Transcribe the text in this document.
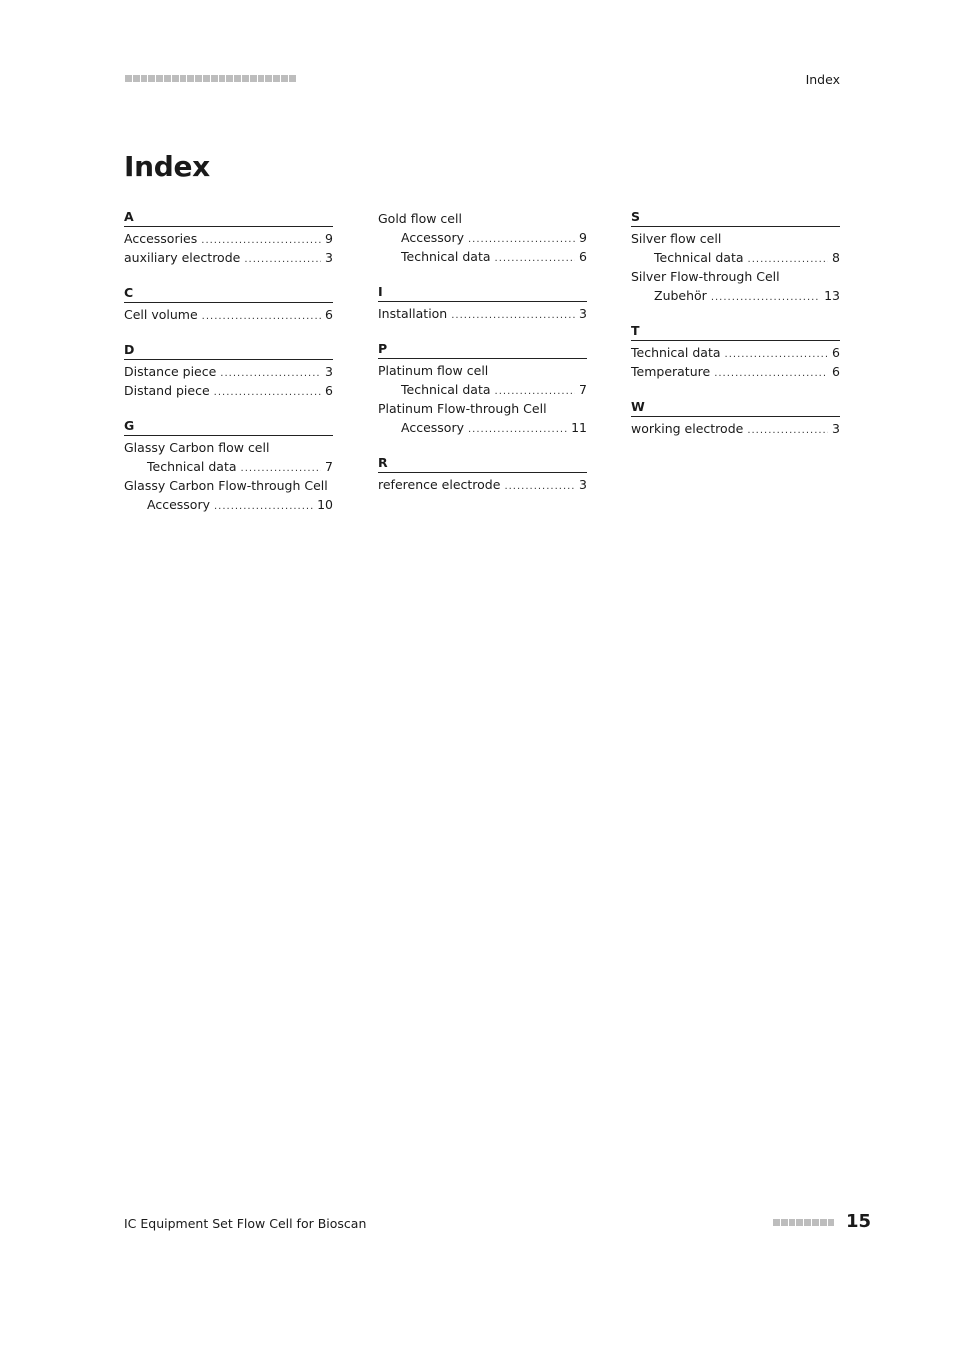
Index
Index
A
Accessories .....	9
auxiliary electrode .....	3
C
Cell volume .....	6
D
Distance piece .....	3
Distand piece .....	6
G
Glassy Carbon flow cell
Technical data .....	7
Glassy Carbon Flow-through Cell
Accessory .....	10
Gold flow cell
Accessory .....	9
Technical data .....	6
I
Installation .....	3
P
Platinum flow cell
Technical data .....	7
Platinum Flow-through Cell
Accessory .....	11
R
reference electrode .....	3
S
Silver flow cell
Technical data .....	8
Silver Flow-through Cell
Zubehör .....	13
T
Technical data .....	6
Temperature .....	6
W
working electrode .....	3
IC Equipment Set Flow Cell for Bioscan	15
